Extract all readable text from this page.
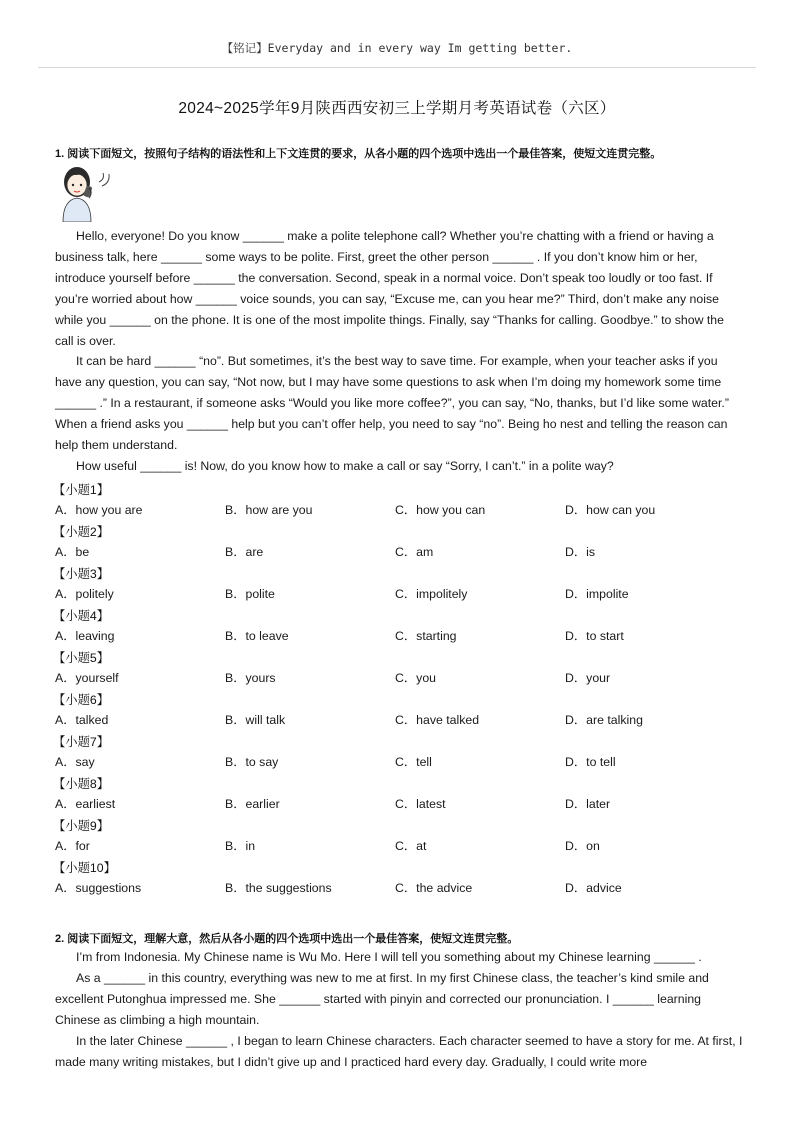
【铭记】Everyday and in every way Im getting better.
2024~2025学年9月陕西西安初三上学期月考英语试卷（六区）
1. 阅读下面短文，按照句子结构的语法性和上下文连贯的要求，从各小题的四个选项中选出一个最佳答案，使短文连贯完整。

Hello, everyone! Do you know ______ make a polite telephone call? Whether you’re chatting with a friend or having a business talk, here ______ some ways to be polite. First, greet the other person ______ . If you don’t know him or her, introduce yourself before ______ the conversation. Second, speak in a normal voice. Don’t speak too loudly or too fast. If you’re worried about how ______ voice sounds, you can say, “Excuse me, can you hear me?” Third, don’t make any noise while you ______ on the phone. It is one of the most impolite things. Finally, say “Thanks for calling. Goodbye.” to show the call is over.

It can be hard ______ “no”. But sometimes, it’s the best way to save time. For example, when your teacher asks if you have any question, you can say, “Not now, but I may have some questions to ask when I’m doing my homework some time ______ .” In a restaurant, if someone asks “Would you like more coffee?”, you can say, “No, thanks, but I’d like some water.” When a friend asks you ______ help but you can’t offer help, you need to say “no”. Being ho nest and telling the reason can help them understand.

How useful ______ is! Now, do you know how to make a call or say “Sorry, I can’t.” in a polite way?

【小题1】
A．how you are	B．how are you	C．how you can	D．how can you
【小题2】
A．be	B．are	C．am	D．is
【小题3】
A．politely	B．polite	C．impolitely	D．impolite
【小题4】
A．leaving	B．to leave	C．starting	D．to start
【小题5】
A．yourself	B．yours	C．you	D．your
【小题6】
A．talked	B．will talk	C．have talked	D．are talking
【小题7】
A．say	B．to say	C．tell	D．to tell
【小题8】
A．earliest	B．earlier	C．latest	D．later
【小题9】
A．for	B．in	C．at	D．on
【小题10】
A．suggestions	B．the suggestions	C．the advice	D．advice
2. 阅读下面短文，理解大意，然后从各小题的四个选项中选出一个最佳答案，使短文连贯完整。

I’m from Indonesia. My Chinese name is Wu Mo. Here I will tell you something about my Chinese learning ______ .

As a ______ in this country, everything was new to me at first. In my first Chinese class, the teacher’s kind smile and excellent Putonghua impressed me. She ______ started with pinyin and corrected our pronunciation. I ______ learning Chinese as climbing a high mountain.

In the later Chinese ______ , I began to learn Chinese characters. Each character seemed to have a story for me. At first, I made many writing mistakes, but I didn’t give up and I practiced hard every day. Gradually, I could write more
